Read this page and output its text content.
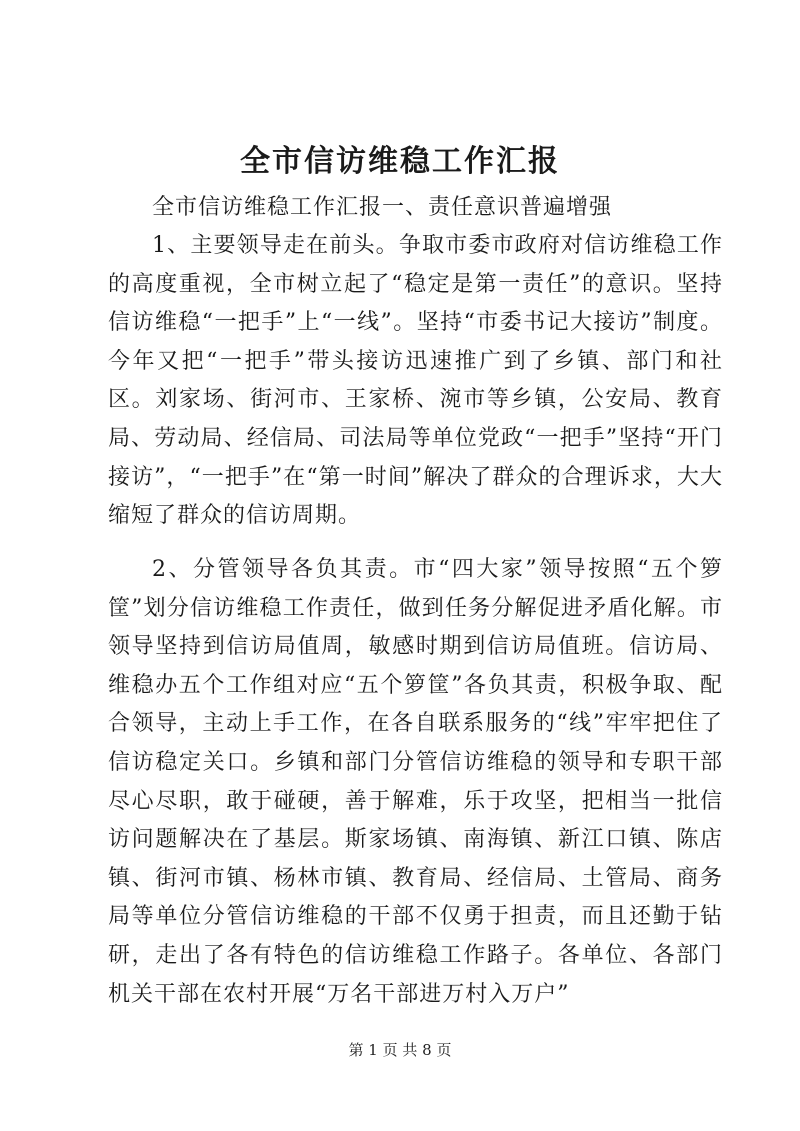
全市信访维稳工作汇报
全市信访维稳工作汇报一、责任意识普遍增强

1、主要领导走在前头。争取市委市政府对信访维稳工作的高度重视，全市树立起了“稳定是第一责任”的意识。坚持信访维稳“一把手”上“一线”。坚持“市委书记大接访”制度。今年又把“一把手”带头接访迅速推广到了乡镇、部门和社区。刘家场、街河市、王家桥、涴市等乡镇，公安局、教育局、劳动局、经信局、司法局等单位党政“一把手”坚持“开门接访”，“一把手”在“第一时间”解决了群众的合理诉求，大大缩短了群众的信访周期。

2、分管领导各负其责。市“四大家”领导按照“五个箩筐”划分信访维稳工作责任，做到任务分解促进矛盾化解。市领导坚持到信访局值周，敏感时期到信访局值班。信访局、维稳办五个工作组对应“五个箩筐”各负其责，积极争取、配合领导，主动上手工作，在各自联系服务的“线”牢牢把住了信访稳定关口。乡镇和部门分管信访维稳的领导和专职干部尽心尽职，敢于碰硬，善于解难，乐于攻坚，把相当一批信访问题解决在了基层。斯家场镇、南海镇、新江口镇、陈店镇、街河市镇、杨林市镇、教育局、经信局、土管局、商务局等单位分管信访维稳的干部不仅勇于担责，而且还勤于钻研，走出了各有特色的信访维稳工作路子。各单位、各部门机关干部在农村开展“万名干部进万村入万户”

第 1 页 共 8 页
